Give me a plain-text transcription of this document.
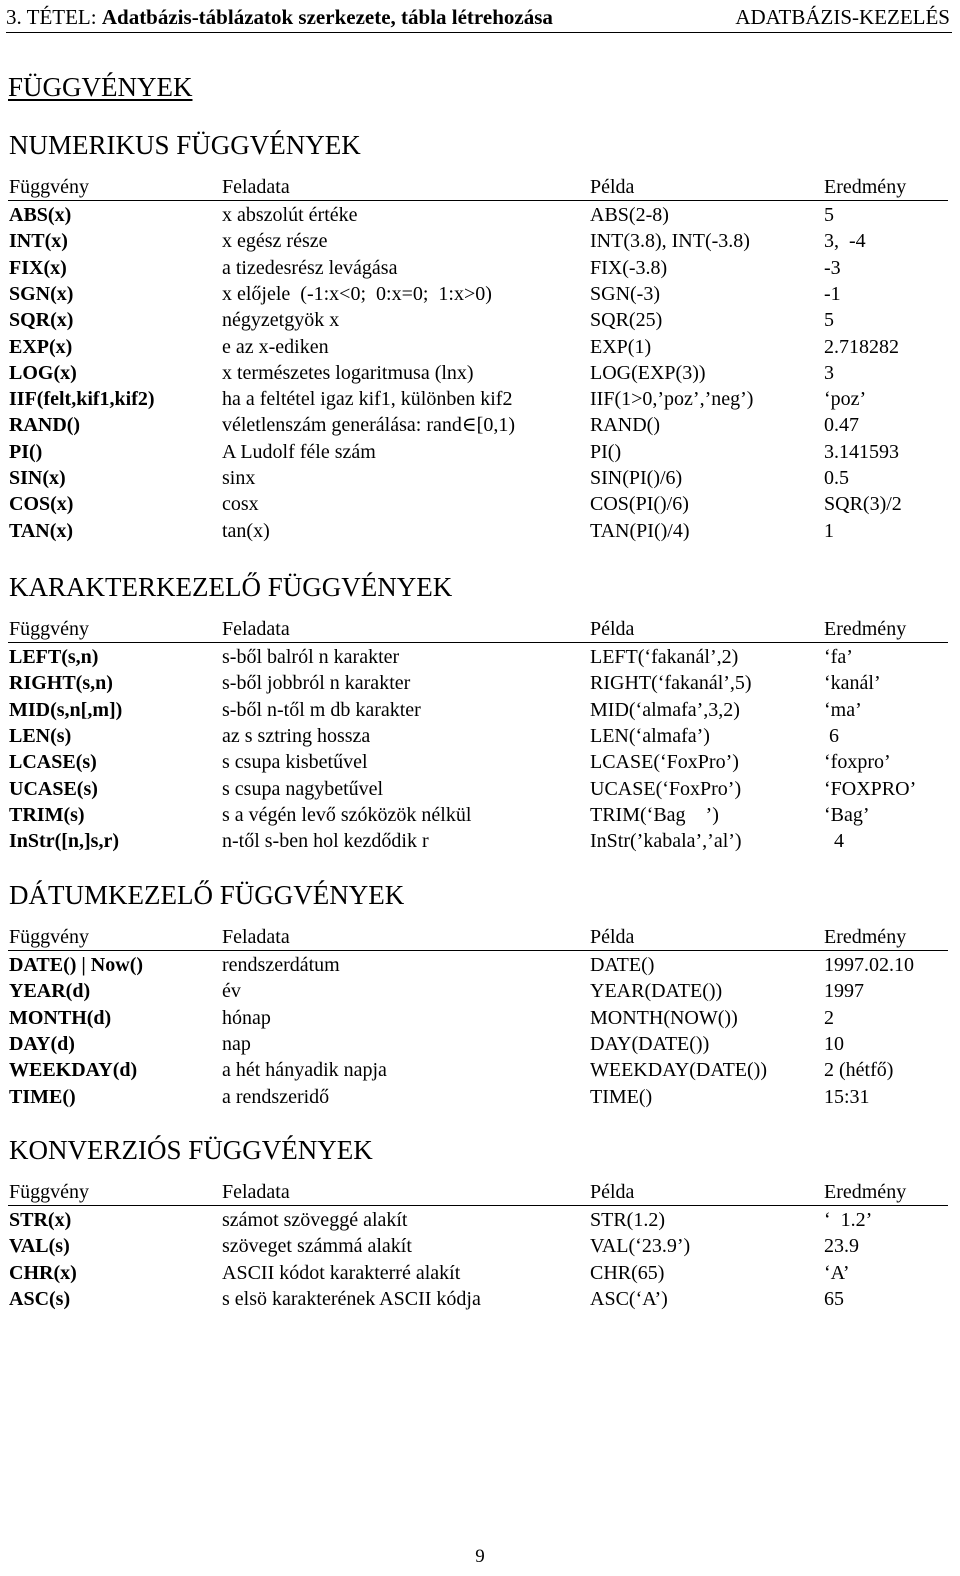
3. TÉTEL: Adatbázis-táblázatok szerkezete, tábla létrehozása	ADATBÁZIS-KEZELÉS
FÜGGVÉNYEK
NUMERIKUS FÜGGVÉNYEK
Függvény	Feladata	Példa	Eredmény
ABS(x)	x abszolút értéke	ABS(2-8)	5
INT(x)	x egész része	INT(3.8), INT(-3.8)	3,  -4
FIX(x)	a tizedesrész levágása	FIX(-3.8)	-3
SGN(x)	x előjele  (-1:x<0;  0:x=0;  1:x>0)	SGN(-3)	-1
SQR(x)	négyzetgyök x	SQR(25)	5
EXP(x)	e az x-ediken	EXP(1)	2.718282
LOG(x)	x természetes logaritmusa (lnx)	LOG(EXP(3))	3
IIF(felt,kif1,kif2)	ha a feltétel igaz kif1, különben kif2	IIF(1>0,’poz’,’neg’)	‘poz’
RAND()	véletlenszám generálása: rand∈[0,1)	RAND()	0.47
PI()	A Ludolf féle szám	PI()	3.141593
SIN(x)	sinx	SIN(PI()/6)	0.5
COS(x)	cosx	COS(PI()/6)	SQR(3)/2
TAN(x)	tan(x)	TAN(PI()/4)	1
KARAKTERKEZELŐ FÜGGVÉNYEK
Függvény	Feladata	Példa	Eredmény
LEFT(s,n)	s-ből balról n karakter	LEFT(‘fakanál’,2)	‘fa’
RIGHT(s,n)	s-ből jobbról n karakter	RIGHT(‘fakanál’,5)	‘kanál’
MID(s,n[,m])	s-ből n-től m db karakter	MID(‘almafa’,3,2)	‘ma’
LEN(s)	az s sztring hossza	LEN(‘almafa’)	6
LCASE(s)	s csupa kisbetűvel	LCASE(‘FoxPro’)	‘foxpro’
UCASE(s)	s csupa nagybetűvel	UCASE(‘FoxPro’)	‘FOXPRO’
TRIM(s)	s a végén levő szóközök nélkül	TRIM(‘Bag    ’)	‘Bag’
InStr([n,]s,r)	n-től s-ben hol kezdődik r	InStr(’kabala’,’al’)	4
DÁTUMKEZELŐ FÜGGVÉNYEK
Függvény	Feladata	Példa	Eredmény
DATE() | Now()	rendszerdátum	DATE()	1997.02.10
YEAR(d)	év	YEAR(DATE())	1997
MONTH(d)	hónap	MONTH(NOW())	2
DAY(d)	nap	DAY(DATE())	10
WEEKDAY(d)	a hét hányadik napja	WEEKDAY(DATE())	2 (hétfő)
TIME()	a rendszeridő	TIME()	15:31
KONVERZIÓS FÜGGVÉNYEK
Függvény	Feladata	Példa	Eredmény
STR(x)	számot szöveggé alakít	STR(1.2)	‘  1.2’
VAL(s)	szöveget számmá alakít	VAL(‘23.9’)	23.9
CHR(x)	ASCII kódot karakterré alakít	CHR(65)	‘A’
ASC(s)	s elsö karakterének ASCII kódja	ASC(‘A’)	65
9
